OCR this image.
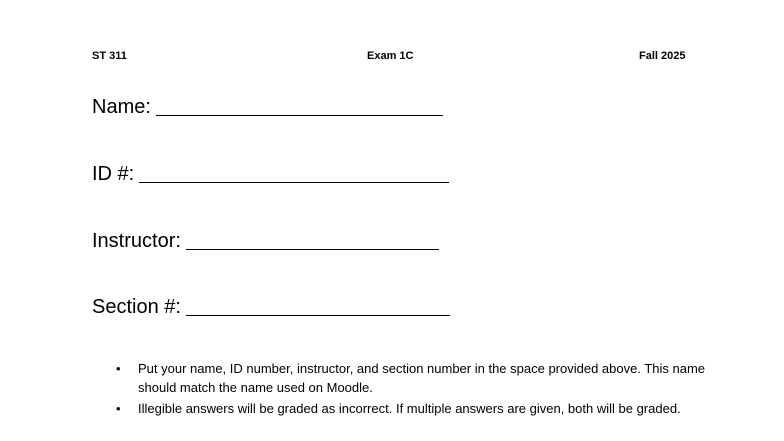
ST 311	Exam 1C	Fall 2025
Name:
ID #:
Instructor:
Section #:
• Put your name, ID number, instructor, and section number in the space provided above. This name should match the name used on Moodle.
• Illegible answers will be graded as incorrect. If multiple answers are given, both will be graded.
